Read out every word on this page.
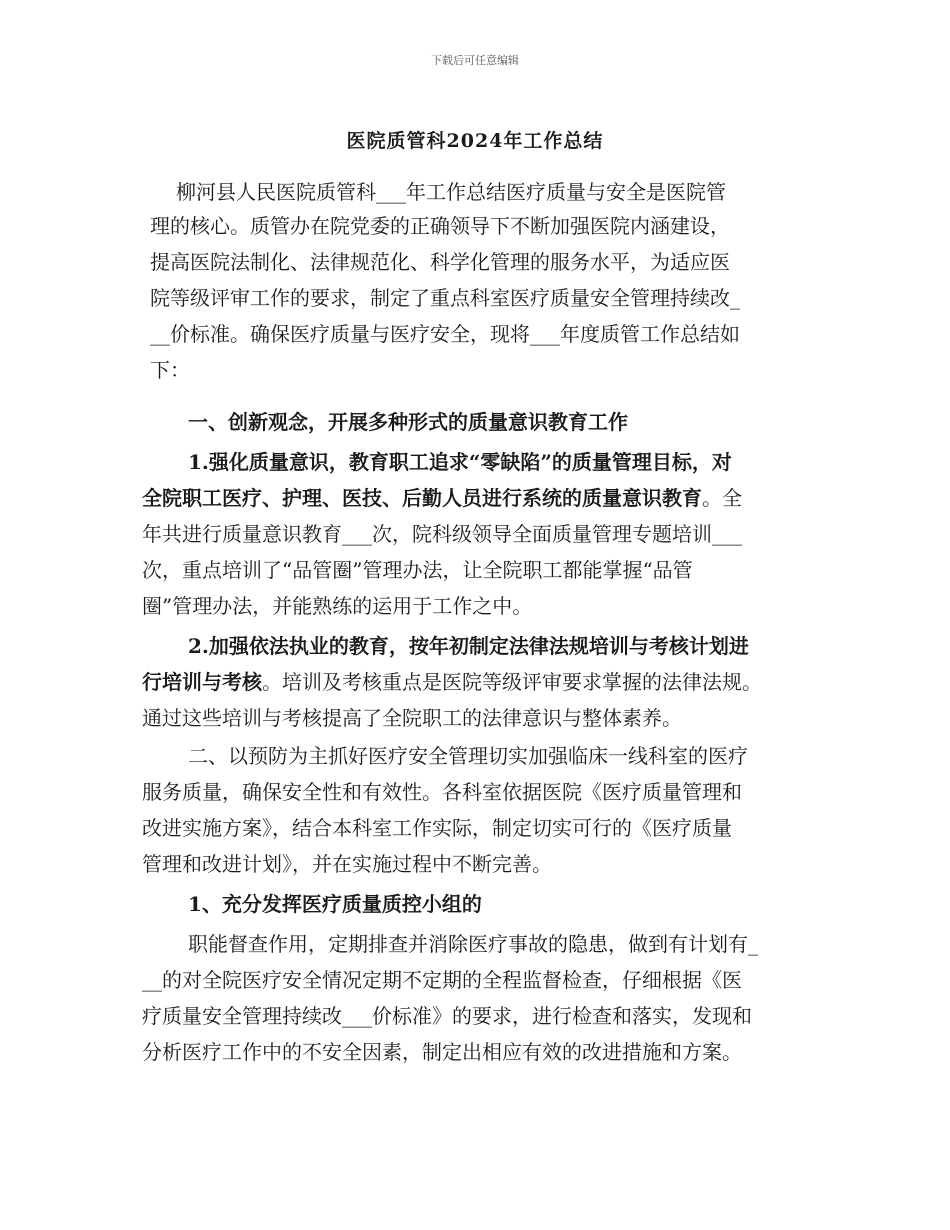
下载后可任意编辑
医院质管科2024年工作总结
柳河县人民医院质管科___年工作总结医疗质量与安全是医院管
理的核心。质管办在院党委的正确领导下不断加强医院内涵建设，
提高医院法制化、法律规范化、科学化管理的服务水平，为适应医
院等级评审工作的要求，制定了重点科室医疗质量安全管理持续改_
__价标准。确保医疗质量与医疗安全，现将___年度质管工作总结如
下：
一、创新观念，开展多种形式的质量意识教育工作
1.强化质量意识，教育职工追求“零缺陷”的质量管理目标，对
全院职工医疗、护理、医技、后勤人员进行系统的质量意识教育。全
年共进行质量意识教育___次，院科级领导全面质量管理专题培训___
次，重点培训了“品管圈”管理办法，让全院职工都能掌握“品管
圈”管理办法，并能熟练的运用于工作之中。
2.加强依法执业的教育，按年初制定法律法规培训与考核计划进
行培训与考核。培训及考核重点是医院等级评审要求掌握的法律法规。
通过这些培训与考核提高了全院职工的法律意识与整体素养。
二、以预防为主抓好医疗安全管理切实加强临床一线科室的医疗
服务质量，确保安全性和有效性。各科室依据医院《医疗质量管理和
改进实施方案》，结合本科室工作实际，制定切实可行的《医疗质量
管理和改进计划》，并在实施过程中不断完善。
1、充分发挥医疗质量质控小组的
职能督查作用，定期排查并消除医疗事故的隐患，做到有计划有_
__的对全院医疗安全情况定期不定期的全程监督检查，仔细根据《医
疗质量安全管理持续改___价标准》的要求，进行检查和落实，发现和
分析医疗工作中的不安全因素，制定出相应有效的改进措施和方案。
